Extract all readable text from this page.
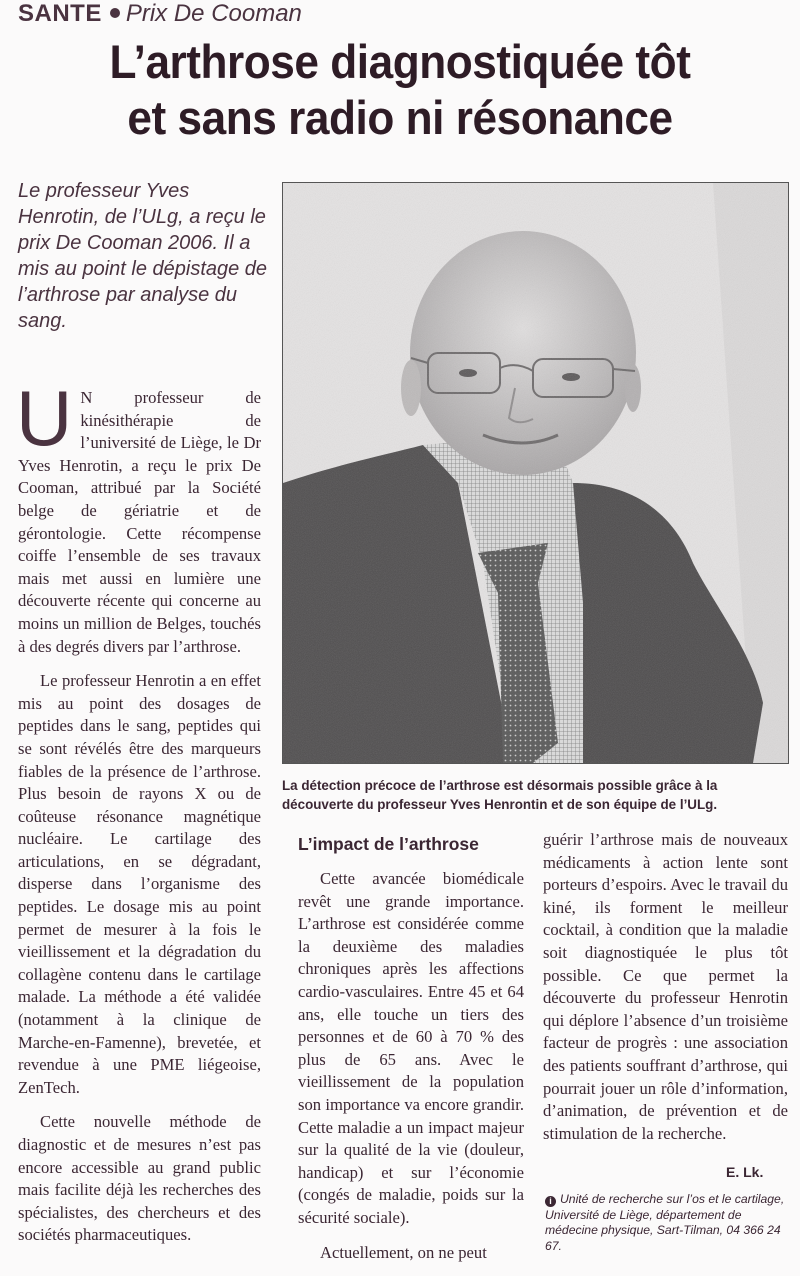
SANTE Prix De Cooman
L’arthrose diagnostiquée tôt
et sans radio ni résonance
Le professeur Yves Henrotin, de l’ULg, a reçu le prix De Cooman 2006. Il a mis au point le dépistage de l’arthrose par analyse du sang.

U N professeur de kinésithérapie de l’université de Liège, le Dr Yves Henrotin, a reçu le prix De Cooman, attribué par la Société belge de gériatrie et de gérontologie. Cette récompense coiffe l’ensemble de ses travaux mais met aussi en lumière une découverte récente qui concerne au moins un million de Belges, touchés à des degrés divers par l’arthrose.

Le professeur Henrotin a en effet mis au point des dosages de peptides dans le sang, peptides qui se sont révélés être des marqueurs fiables de la présence de l’arthrose. Plus besoin de rayons X ou de coûteuse résonance magnétique nucléaire. Le cartilage des articulations, en se dégradant, disperse dans l’organisme des peptides. Le dosage mis au point permet de mesurer à la fois le vieillissement et la dégradation du collagène contenu dans le cartilage malade. La méthode a été validée (notamment à la clinique de Marche-en-Famenne), brevetée, et revendue à une PME liégeoise, ZenTech.

Cette nouvelle méthode de diagnostic et de mesures n’est pas encore accessible au grand public mais facilite déjà les recherches des spécialistes, des chercheurs et des sociétés pharmaceutiques.

La détection précoce de l’arthrose est désormais possible grâce à la découverte du professeur Yves Henrontin et de son équipe de l’ULg.
L’impact de l’arthrose

Cette avancée biomédicale revêt une grande importance. L’arthrose est considérée comme la deuxième des maladies chroniques après les affections cardio-vasculaires. Entre 45 et 64 ans, elle touche un tiers des personnes et de 60 à 70 % des plus de 65 ans. Avec le vieillissement de la population son importance va encore grandir. Cette maladie a un impact majeur sur la qualité de la vie (douleur, handicap) et sur l’économie (congés de maladie, poids sur la sécurité sociale).

Actuellement, on ne peut

guérir l’arthrose mais de nouveaux médicaments à action lente sont porteurs d’espoirs. Avec le travail du kiné, ils forment le meilleur cocktail, à condition que la maladie soit diagnostiquée le plus tôt possible. Ce que permet la découverte du professeur Henrotin qui déplore l’absence d’un troisième facteur de progrès : une association des patients souffrant d’arthrose, qui pourrait jouer un rôle d’information, d’animation, de prévention et de stimulation de la recherche.

E. Lk.
i Unité de recherche sur l’os et le cartilage, Université de Liège, département de médecine physique, Sart-Tilman, 04 366 24 67.
